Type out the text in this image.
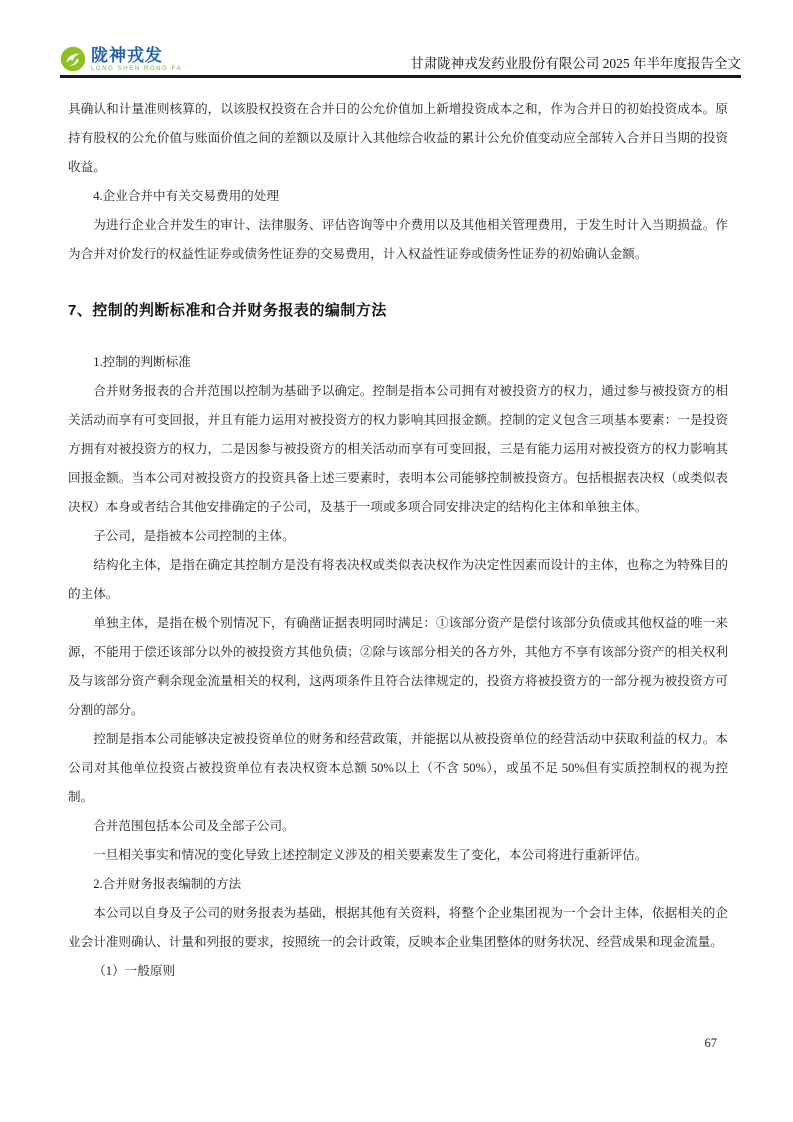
陇神戎发
LONG SHEN RONG FA	甘肃陇神戎发药业股份有限公司 2025 年半年度报告全文

具确认和计量准则核算的，以该股权投资在合并日的公允价值加上新增投资成本之和，作为合并日的初始投资成本。原持有股权的公允价值与账面价值之间的差额以及原计入其他综合收益的累计公允价值变动应全部转入合并日当期的投资收益。

4.企业合并中有关交易费用的处理

为进行企业合并发生的审计、法律服务、评估咨询等中介费用以及其他相关管理费用，于发生时计入当期损益。作为合并对价发行的权益性证券或债务性证券的交易费用，计入权益性证券或债务性证券的初始确认金额。

7、控制的判断标准和合并财务报表的编制方法

1.控制的判断标准

合并财务报表的合并范围以控制为基础予以确定。控制是指本公司拥有对被投资方的权力，通过参与被投资方的相关活动而享有可变回报，并且有能力运用对被投资方的权力影响其回报金额。控制的定义包含三项基本要素：一是投资方拥有对被投资方的权力，二是因参与被投资方的相关活动而享有可变回报，三是有能力运用对被投资方的权力影响其回报金额。当本公司对被投资方的投资具备上述三要素时，表明本公司能够控制被投资方。包括根据表决权（或类似表决权）本身或者结合其他安排确定的子公司，及基于一项或多项合同安排决定的结构化主体和单独主体。

子公司，是指被本公司控制的主体。

结构化主体，是指在确定其控制方是没有将表决权或类似表决权作为决定性因素而设计的主体，也称之为特殊目的的主体。

单独主体，是指在极个别情况下，有确凿证据表明同时满足：①该部分资产是偿付该部分负债或其他权益的唯一来源，不能用于偿还该部分以外的被投资方其他负债；②除与该部分相关的各方外，其他方不享有该部分资产的相关权利及与该部分资产剩余现金流量相关的权利，这两项条件且符合法律规定的，投资方将被投资方的一部分视为被投资方可分割的部分。

控制是指本公司能够决定被投资单位的财务和经营政策，并能据以从被投资单位的经营活动中获取利益的权力。本公司对其他单位投资占被投资单位有表决权资本总额 50%以上（不含 50%），或虽不足 50%但有实质控制权的视为控制。

合并范围包括本公司及全部子公司。

一旦相关事实和情况的变化导致上述控制定义涉及的相关要素发生了变化，本公司将进行重新评估。

2.合并财务报表编制的方法

本公司以自身及子公司的财务报表为基础，根据其他有关资料，将整个企业集团视为一个会计主体，依据相关的企业会计准则确认、计量和列报的要求，按照统一的会计政策，反映本企业集团整体的财务状况、经营成果和现金流量。

（1）一般原则

67
